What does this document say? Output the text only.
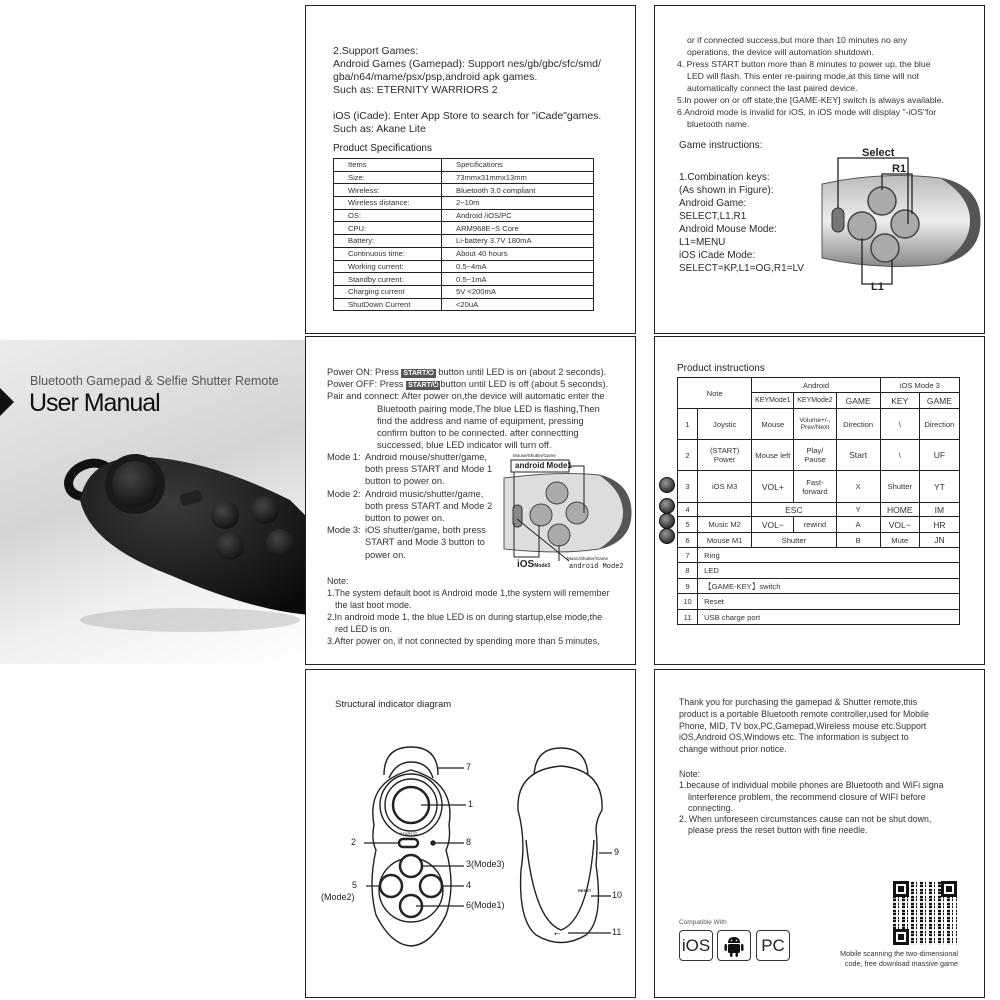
2.Support Games:
Android Games (Gamepad): Support nes/gb/gbc/sfc/smd/
gba/n64/mame/psx/psp,android apk games.
Such as: ETERNITY WARRIORS 2
iOS (iCade): Enter App Store to search for "iCade"games.
Such as: Akane Lite
Product Specifications
Items	Specifications
Size:	73mmx31mmx13mm
Wireless:	Bluetooth 3.0 compliant
Wireless distance:	2~10m
OS:	Android /iOS/PC
CPU:	ARM968E~S Core
Battery:	Li-battery 3.7V 180mA
Continuous time:	About 40 hours
Working current:	0.5~4mA
Standby current:	0.5~1mA
Charging current	5V <200mA
ShutDown Current	<20uA
or if connected success,but more than 10 minutes no any
operations, the device will automation shutdown.
4. Press START button more than 8 minutes to power up, the blue
LED will flash. This enter re-pairing mode,at this time will not
automatically connect the last paired device.
5.In power on or off state,the [GAME-KEY] switch is always available.
6.Android mode is invalid for iOS, in iOS mode will display "-iOS"for
bluetooth name.
Game instructions:
1.Combination keys:
(As shown in Figure):
Android Game:
SELECT,L1,R1
Android Mouse Mode:
L1=MENU
iOS iCade Mode:
SELECT=KP,L1=OG,R1=LV
Select
R1
L1
Bluetooth Gamepad & Selfie Shutter Remote
User Manual
Power ON: Press START/⏻ button until LED is on (about 2 seconds).
Power OFF: Press START/⏻ button until LED is off (about 5 seconds).
Pair and connect: After power on,the device will automatic enter the
Bluetooth pairing mode,The blue LED is flashing,Then
find the address and name of equipment, pressing
confirm button to be connected. after connectting
successed, blue LED indicator will turn off.
Mode 1: Android mouse/shutter/game,
both press START and Mode 1
button to power on.
Mode 2: Android music/shutter/game,
both press START and Mode 2
button to power on.
Mode 3: iOS shutter/game, both press
START and Mode 3 button to
power on.
Mouse/Shutter/Game
android Mode1
iOSMode3
Music/Shutter/Game
android Mode2
Note:
1.The system default boot is Android mode 1,the system will remember
the last boot mode.
2.In android mode 1, the blue LED is on during startup,else mode,the
red LED is on.
3.After power on, if not connected by spending more than 5 minutes,
Product instructions
Note		Android			iOS Mode 3	
		KEYMode1	KEYMode2	GAME	KEY	GAME
1	Joystic	Mouse	Volume+/-, Prev/Next	Direction	\	Direction
2	(START) Power	Mouse left	Play/ Pause	Start	\	UF
3	iOS M3	VOL+	Fast- forward	X	Shutter	YT
4		ESC		Y	HOME	IM
5	Music M2	VOL−	rewind	A	VOL−	HR
6	Mouse M1	Shutter		B	Mute	JN
7	Ring					
8	LED					
9	【GAME-KEY】switch					
10	Reset					
11	USB charge port					
Structural indicator diagram
7
1
2	8
3(Mode3)
5
(Mode2)
4
6(Mode1)
9
10
11
START/⏻
RESET
⭠
Thank you for purchasing the gamepad & Shutter remote,this
product is a portable Bluetooth remote controller,used for Mobile
Phone, MID, TV box,PC,Gamepad,Wireless mouse etc.Support
iOS,Android OS,Windows etc. The information is subject to
change without prior notice.
Note:
1.because of individual mobile phones are Bluetooth and WiFi signa
linterference problem, the recommend closure of WIFI before
connecting.
2. When unforeseen circumstances cause can not be shut down,
please press the reset button with fine needle.
Compatible With
iOS	PC	Mobile scanning the two-dimensional
code, free download massive game
